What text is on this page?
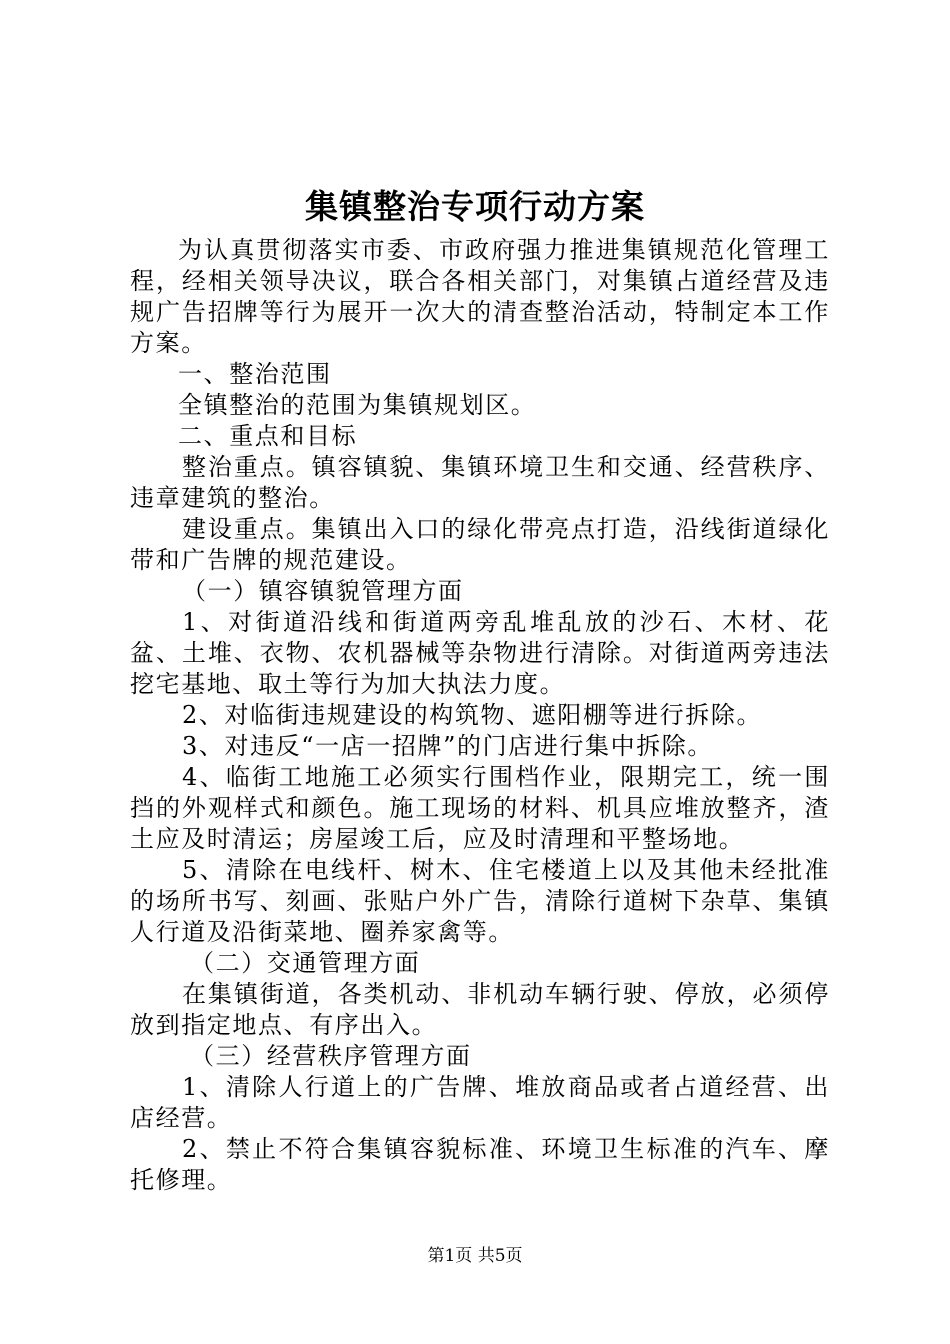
集镇整治专项行动方案

为认真贯彻落实市委、市政府强力推进集镇规范化管理工程，经相关领导决议，联合各相关部门，对集镇占道经营及违规广告招牌等行为展开一次大的清查整治活动，特制定本工作方案。

一、整治范围

全镇整治的范围为集镇规划区。

二、重点和目标

整治重点。镇容镇貌、集镇环境卫生和交通、经营秩序、违章建筑的整治。

建设重点。集镇出入口的绿化带亮点打造，沿线街道绿化带和广告牌的规范建设。

（一）镇容镇貌管理方面

1、对街道沿线和街道两旁乱堆乱放的沙石、木材、花盆、土堆、衣物、农机器械等杂物进行清除。对街道两旁违法挖宅基地、取土等行为加大执法力度。

2、对临街违规建设的构筑物、遮阳棚等进行拆除。

3、对违反“一店一招牌”的门店进行集中拆除。

4、临街工地施工必须实行围档作业，限期完工，统一围挡的外观样式和颜色。施工现场的材料、机具应堆放整齐，渣土应及时清运；房屋竣工后，应及时清理和平整场地。

5、清除在电线杆、树木、住宅楼道上以及其他未经批准的场所书写、刻画、张贴户外广告，清除行道树下杂草、集镇人行道及沿街菜地、圈养家禽等。

（二）交通管理方面

在集镇街道，各类机动、非机动车辆行驶、停放，必须停放到指定地点、有序出入。

（三）经营秩序管理方面

1、清除人行道上的广告牌、堆放商品或者占道经营、出店经营。

2、禁止不符合集镇容貌标准、环境卫生标准的汽车、摩托修理。

第1页 共5页
